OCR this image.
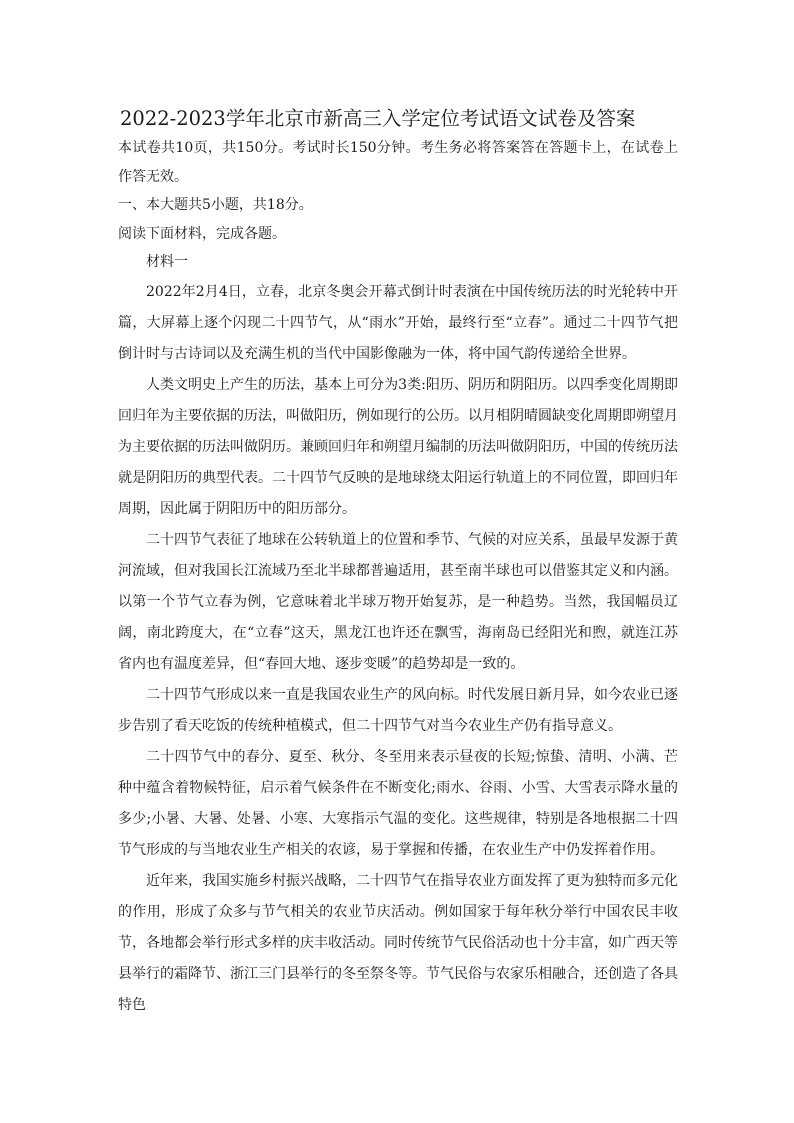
2022-2023学年北京市新高三入学定位考试语文试卷及答案

本试卷共10页，共150分。考试时长150分钟。考生务必将答案答在答题卡上，在试卷上作答无效。

一、本大题共5小题，共18分。

阅读下面材料，完成各题。

材料一

2022年2月4日，立春，北京冬奥会开幕式倒计时表演在中国传统历法的时光轮转中开篇，大屏幕上逐个闪现二十四节气，从“雨水”开始，最终行至“立春”。通过二十四节气把倒计时与古诗词以及充满生机的当代中国影像融为一体，将中国气韵传递给全世界。

人类文明史上产生的历法，基本上可分为3类:阳历、阴历和阴阳历。以四季变化周期即回归年为主要依据的历法，叫做阳历，例如现行的公历。以月相阴晴圆缺变化周期即朔望月为主要依据的历法叫做阴历。兼顾回归年和朔望月编制的历法叫做阴阳历，中国的传统历法就是阴阳历的典型代表。二十四节气反映的是地球绕太阳运行轨道上的不同位置，即回归年周期，因此属于阴阳历中的阳历部分。

二十四节气表征了地球在公转轨道上的位置和季节、气候的对应关系，虽最早发源于黄河流域，但对我国长江流域乃至北半球都普遍适用，甚至南半球也可以借鉴其定义和内涵。以第一个节气立春为例，它意味着北半球万物开始复苏，是一种趋势。当然，我国幅员辽阔，南北跨度大，在“立春”这天，黑龙江也许还在飘雪，海南岛已经阳光和煦，就连江苏省内也有温度差异，但“春回大地、逐步变暖”的趋势却是一致的。

二十四节气形成以来一直是我国农业生产的风向标。时代发展日新月异，如今农业已逐步告别了看天吃饭的传统种植模式，但二十四节气对当今农业生产仍有指导意义。

二十四节气中的春分、夏至、秋分、冬至用来表示昼夜的长短;惊蛰、清明、小满、芒种中蕴含着物候特征，启示着气候条件在不断变化;雨水、谷雨、小雪、大雪表示降水量的多少;小暑、大暑、处暑、小寒、大寒指示气温的变化。这些规律，特别是各地根据二十四节气形成的与当地农业生产相关的农谚，易于掌握和传播，在农业生产中仍发挥着作用。

近年来，我国实施乡村振兴战略，二十四节气在指导农业方面发挥了更为独特而多元化的作用，形成了众多与节气相关的农业节庆活动。例如国家于每年秋分举行中国农民丰收节，各地都会举行形式多样的庆丰收活动。同时传统节气民俗活动也十分丰富，如广西天等县举行的霜降节、浙江三门县举行的冬至祭冬等。节气民俗与农家乐相融合，还创造了各具特色
